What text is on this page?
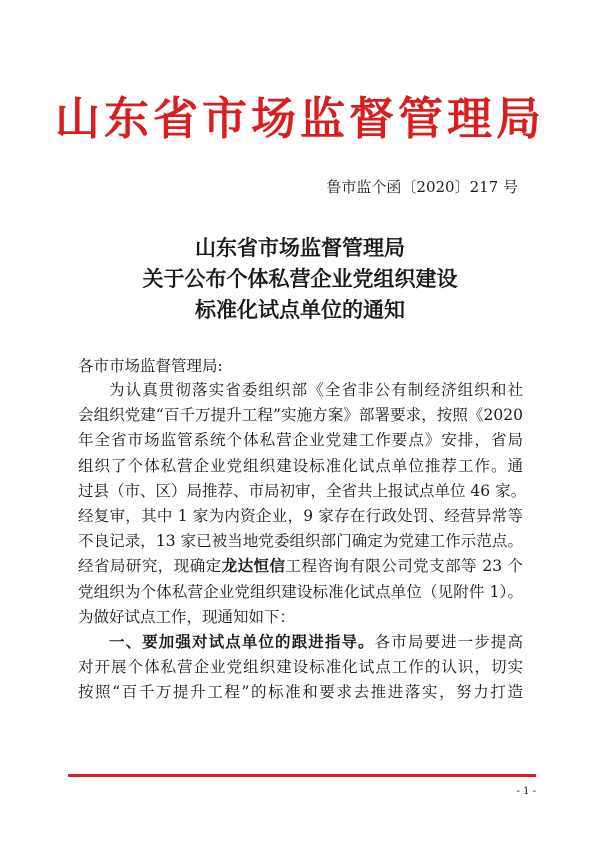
山东省市场监督管理局
鲁市监个函〔2020〕217 号
山东省市场监督管理局
关于公布个体私营企业党组织建设
标准化试点单位的通知
各市市场监督管理局:
为认真贯彻落实省委组织部《全省非公有制经济组织和社
会组织党建“百千万提升工程”实施方案》部署要求，按照《2020
年全省市场监管系统个体私营企业党建工作要点》安排，省局
组织了个体私营企业党组织建设标准化试点单位推荐工作。通
过县（市、区）局推荐、市局初审，全省共上报试点单位 46 家。
经复审，其中 1 家为内资企业，9 家存在行政处罚、经营异常等
不良记录，13 家已被当地党委组织部门确定为党建工作示范点。
经省局研究，现确定龙达恒信工程咨询有限公司党支部等 23 个
党组织为个体私营企业党组织建设标准化试点单位（见附件 1）。
为做好试点工作，现通知如下：
一、要加强对试点单位的跟进指导。各市局要进一步提高
对开展个体私营企业党组织建设标准化试点工作的认识，切实
按照“百千万提升工程”的标准和要求去推进落实，努力打造
- 1 -
